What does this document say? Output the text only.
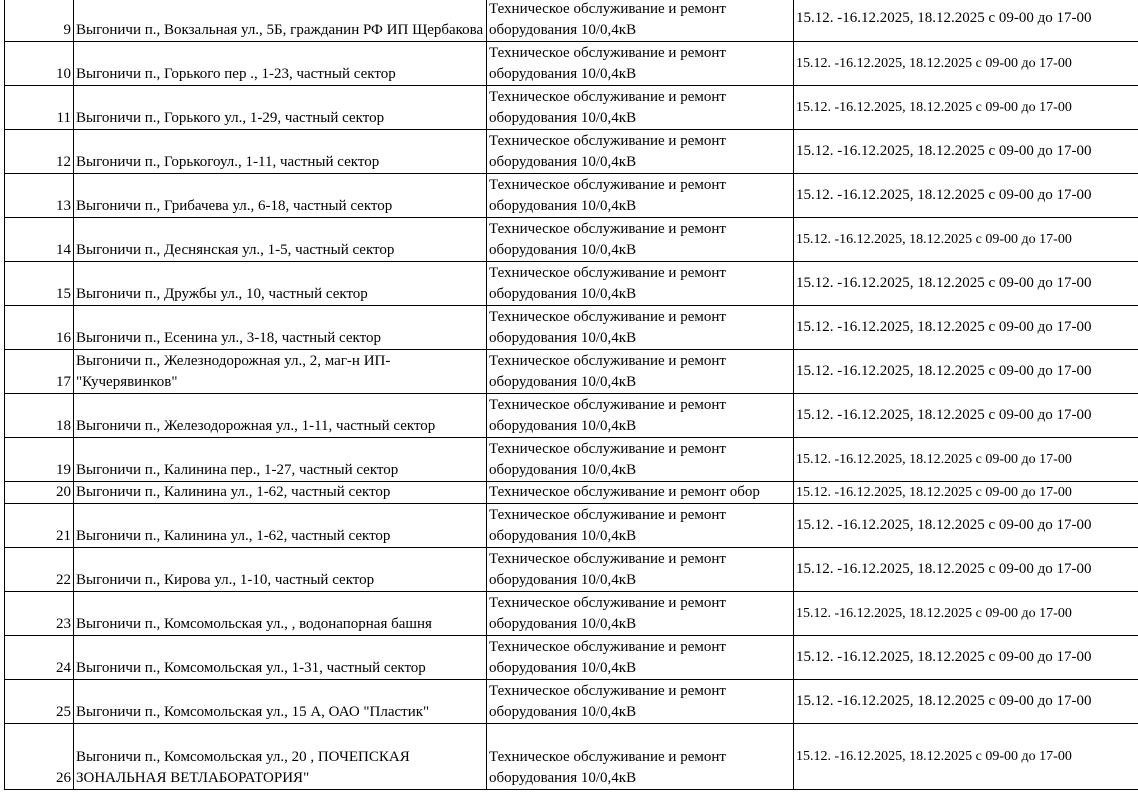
9	Выгоничи п., Вокзальная ул., 5Б, гражданин РФ ИП Щербакова	Техническое обслуживание и ремонт
оборудования 10/0,4кВ	15.12. -16.12.2025, 18.12.2025 с 09-00 до 17-00
10	Выгоничи п., Горького пер ., 1-23, частный сектор	Техническое обслуживание и ремонт
оборудования 10/0,4кВ	15.12. -16.12.2025, 18.12.2025 с 09-00 до 17-00
11	Выгоничи п., Горького ул., 1-29, частный сектор	Техническое обслуживание и ремонт
оборудования 10/0,4кВ	15.12. -16.12.2025, 18.12.2025 с 09-00 до 17-00
12	Выгоничи п., Горькогоул., 1-11, частный сектор	Техническое обслуживание и ремонт
оборудования 10/0,4кВ	15.12. -16.12.2025, 18.12.2025 с 09-00 до 17-00
13	Выгоничи п., Грибачева ул., 6-18, частный сектор	Техническое обслуживание и ремонт
оборудования 10/0,4кВ	15.12. -16.12.2025, 18.12.2025 с 09-00 до 17-00
14	Выгоничи п., Деснянская ул., 1-5, частный сектор	Техническое обслуживание и ремонт
оборудования 10/0,4кВ	15.12. -16.12.2025, 18.12.2025 с 09-00 до 17-00
15	Выгоничи п., Дружбы ул., 10, частный сектор	Техническое обслуживание и ремонт
оборудования 10/0,4кВ	15.12. -16.12.2025, 18.12.2025 с 09-00 до 17-00
16	Выгоничи п., Есенина ул., 3-18, частный сектор	Техническое обслуживание и ремонт
оборудования 10/0,4кВ	15.12. -16.12.2025, 18.12.2025 с 09-00 до 17-00
17	Выгоничи п., Железнодорожная ул., 2, маг-н ИП-"Кучерявинков"	Техническое обслуживание и ремонт
оборудования 10/0,4кВ	15.12. -16.12.2025, 18.12.2025 с 09-00 до 17-00
18	Выгоничи п., Железодорожная ул., 1-11, частный сектор	Техническое обслуживание и ремонт
оборудования 10/0,4кВ	15.12. -16.12.2025, 18.12.2025 с 09-00 до 17-00
19	Выгоничи п., Калинина пер., 1-27, частный сектор	Техническое обслуживание и ремонт
оборудования 10/0,4кВ	15.12. -16.12.2025, 18.12.2025 с 09-00 до 17-00
20	Выгоничи п., Калинина ул., 1-62, частный сектор	Техническое обслуживание и ремонт обор	15.12. -16.12.2025, 18.12.2025 с 09-00 до 17-00
21	Выгоничи п., Калинина ул., 1-62, частный сектор	Техническое обслуживание и ремонт
оборудования 10/0,4кВ	15.12. -16.12.2025, 18.12.2025 с 09-00 до 17-00
22	Выгоничи п., Кирова ул., 1-10, частный сектор	Техническое обслуживание и ремонт
оборудования 10/0,4кВ	15.12. -16.12.2025, 18.12.2025 с 09-00 до 17-00
23	Выгоничи п., Комсомольская ул., , водонапорная башня	Техническое обслуживание и ремонт
оборудования 10/0,4кВ	15.12. -16.12.2025, 18.12.2025 с 09-00 до 17-00
24	Выгоничи п., Комсомольская ул., 1-31, частный сектор	Техническое обслуживание и ремонт
оборудования 10/0,4кВ	15.12. -16.12.2025, 18.12.2025 с 09-00 до 17-00
25	Выгоничи п., Комсомольская ул., 15 А, ОАО "Пластик"	Техническое обслуживание и ремонт
оборудования 10/0,4кВ	15.12. -16.12.2025, 18.12.2025 с 09-00 до 17-00
26	Выгоничи п., Комсомольская ул., 20 , ПОЧЕПСКАЯ ЗОНАЛЬНАЯ ВЕТЛАБОРАТОРИЯ"	Техническое обслуживание и ремонт
оборудования 10/0,4кВ	15.12. -16.12.2025, 18.12.2025 с 09-00 до 17-00
